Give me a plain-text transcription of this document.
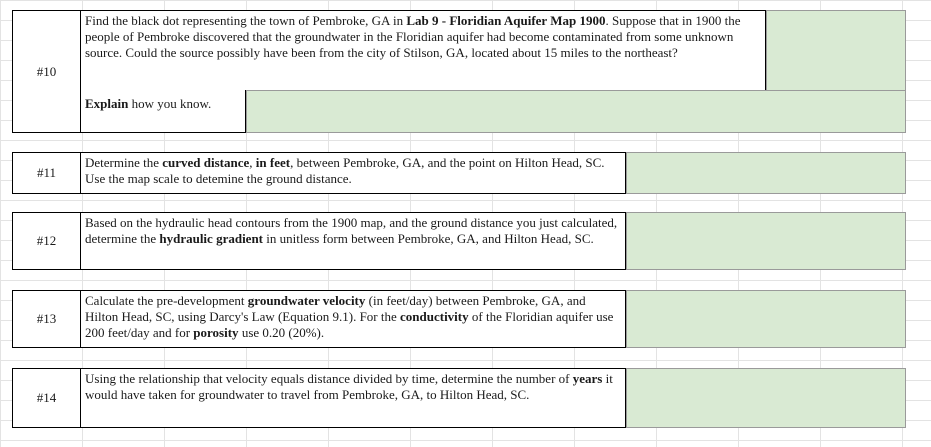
#10
Find the black dot representing the town of Pembroke, GA in Lab 9 - Floridian Aquifer Map 1900. Suppose that in 1900 the people of Pembroke discovered that the groundwater in the Floridian aquifer had become contaminated from some unknown source. Could the source possibly have been from the city of Stilson, GA, located about 15 miles to the northeast?
Explain how you know.
#11
Determine the curved distance, in feet, between Pembroke, GA, and the point on Hilton Head, SC. Use the map scale to detemine the ground distance.
#12
Based on the hydraulic head contours from the 1900 map, and the ground distance you just calculated, determine the hydraulic gradient in unitless form between Pembroke, GA, and Hilton Head, SC.
#13
Calculate the pre-development groundwater velocity (in feet/day) between Pembroke, GA, and Hilton Head, SC, using Darcy's Law (Equation 9.1). For the conductivity of the Floridian aquifer use 200 feet/day and for porosity use 0.20 (20%).
#14
Using the relationship that velocity equals distance divided by time, determine the number of years it would have taken for groundwater to travel from Pembroke, GA, to Hilton Head, SC.
